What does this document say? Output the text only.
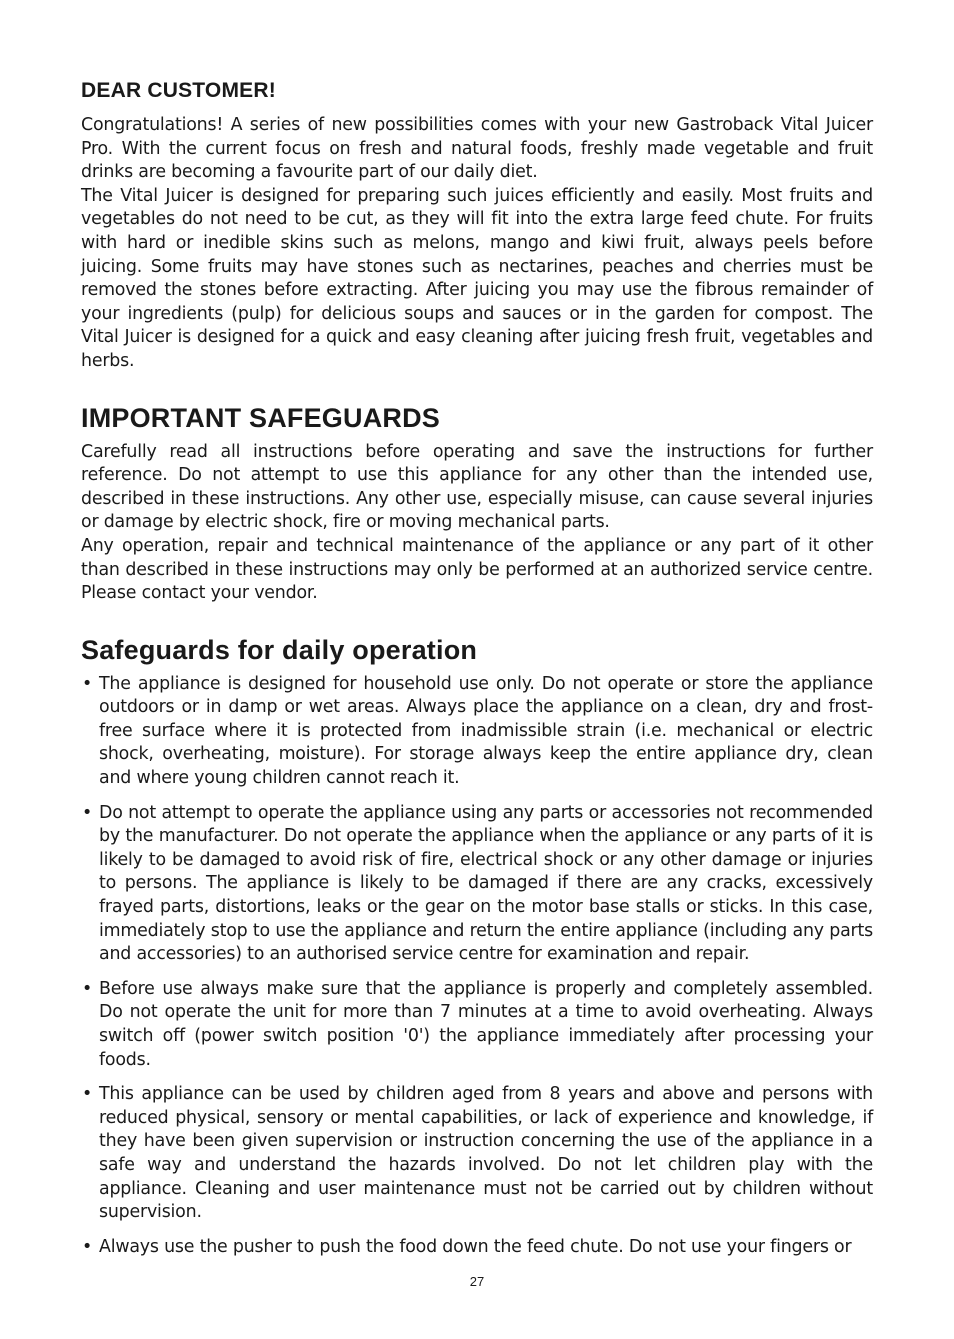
DEAR CUSTOMER!

Congratulations! A series of new possibilities comes with your new Gastroback Vital Juicer Pro. With the current focus on fresh and natural foods, freshly made vegetable and fruit drinks are becoming a favourite part of our daily diet.

The Vital Juicer is designed for preparing such juices efficiently and easily. Most fruits and vegetables do not need to be cut, as they will fit into the extra large feed chute. For fruits with hard or inedible skins such as melons, mango and kiwi fruit, always peels before juicing. Some fruits may have stones such as nectarines, peaches and cherries must be removed the stones before extracting. After juicing you may use the fibrous remainder of your ingredients (pulp) for delicious soups and sauces or in the garden for compost. The Vital Juicer is designed for a quick and easy cleaning after juicing fresh fruit, vegetables and herbs.

IMPORTANT SAFEGUARDS

Carefully read all instructions before operating and save the instructions for further reference. Do not attempt to use this appliance for any other than the intended use, described in these instructions. Any other use, especially misuse, can cause several injuries or damage by electric shock, fire or moving mechanical parts.

Any operation, repair and technical maintenance of the appliance or any part of it other than described in these instructions may only be performed at an authorized service centre. Please contact your vendor.

Safeguards for daily operation
• The appliance is designed for household use only. Do not operate or store the appliance outdoors or in damp or wet areas. Always place the appliance on a clean, dry and frost-free surface where it is protected from inadmissible strain (i.e. mechanical or electric shock, overheating, moisture). For storage always keep the entire appliance dry, clean and where young children cannot reach it.
• Do not attempt to operate the appliance using any parts or accessories not recommended by the manufacturer. Do not operate the appliance when the appliance or any parts of it is likely to be damaged to avoid risk of fire, electrical shock or any other damage or injuries to persons. The appliance is likely to be damaged if there are any cracks, excessively frayed parts, distortions, leaks or the gear on the motor base stalls or sticks. In this case, immediately stop to use the appliance and return the entire appliance (including any parts and accessories) to an authorised service centre for examination and repair.
• Before use always make sure that the appliance is properly and completely assembled. Do not operate the unit for more than 7 minutes at a time to avoid overheating. Always switch off (power switch position '0') the appliance immediately after processing your foods.
• This appliance can be used by children aged from 8 years and above and persons with reduced physical, sensory or mental capabilities, or lack of experience and knowledge, if they have been given supervision or instruction concerning the use of the appliance in a safe way and understand the hazards involved. Do not let children play with the appliance. Cleaning and user maintenance must not be carried out by children without supervision.
• Always use the pusher to push the food down the feed chute. Do not use your fingers or
27
